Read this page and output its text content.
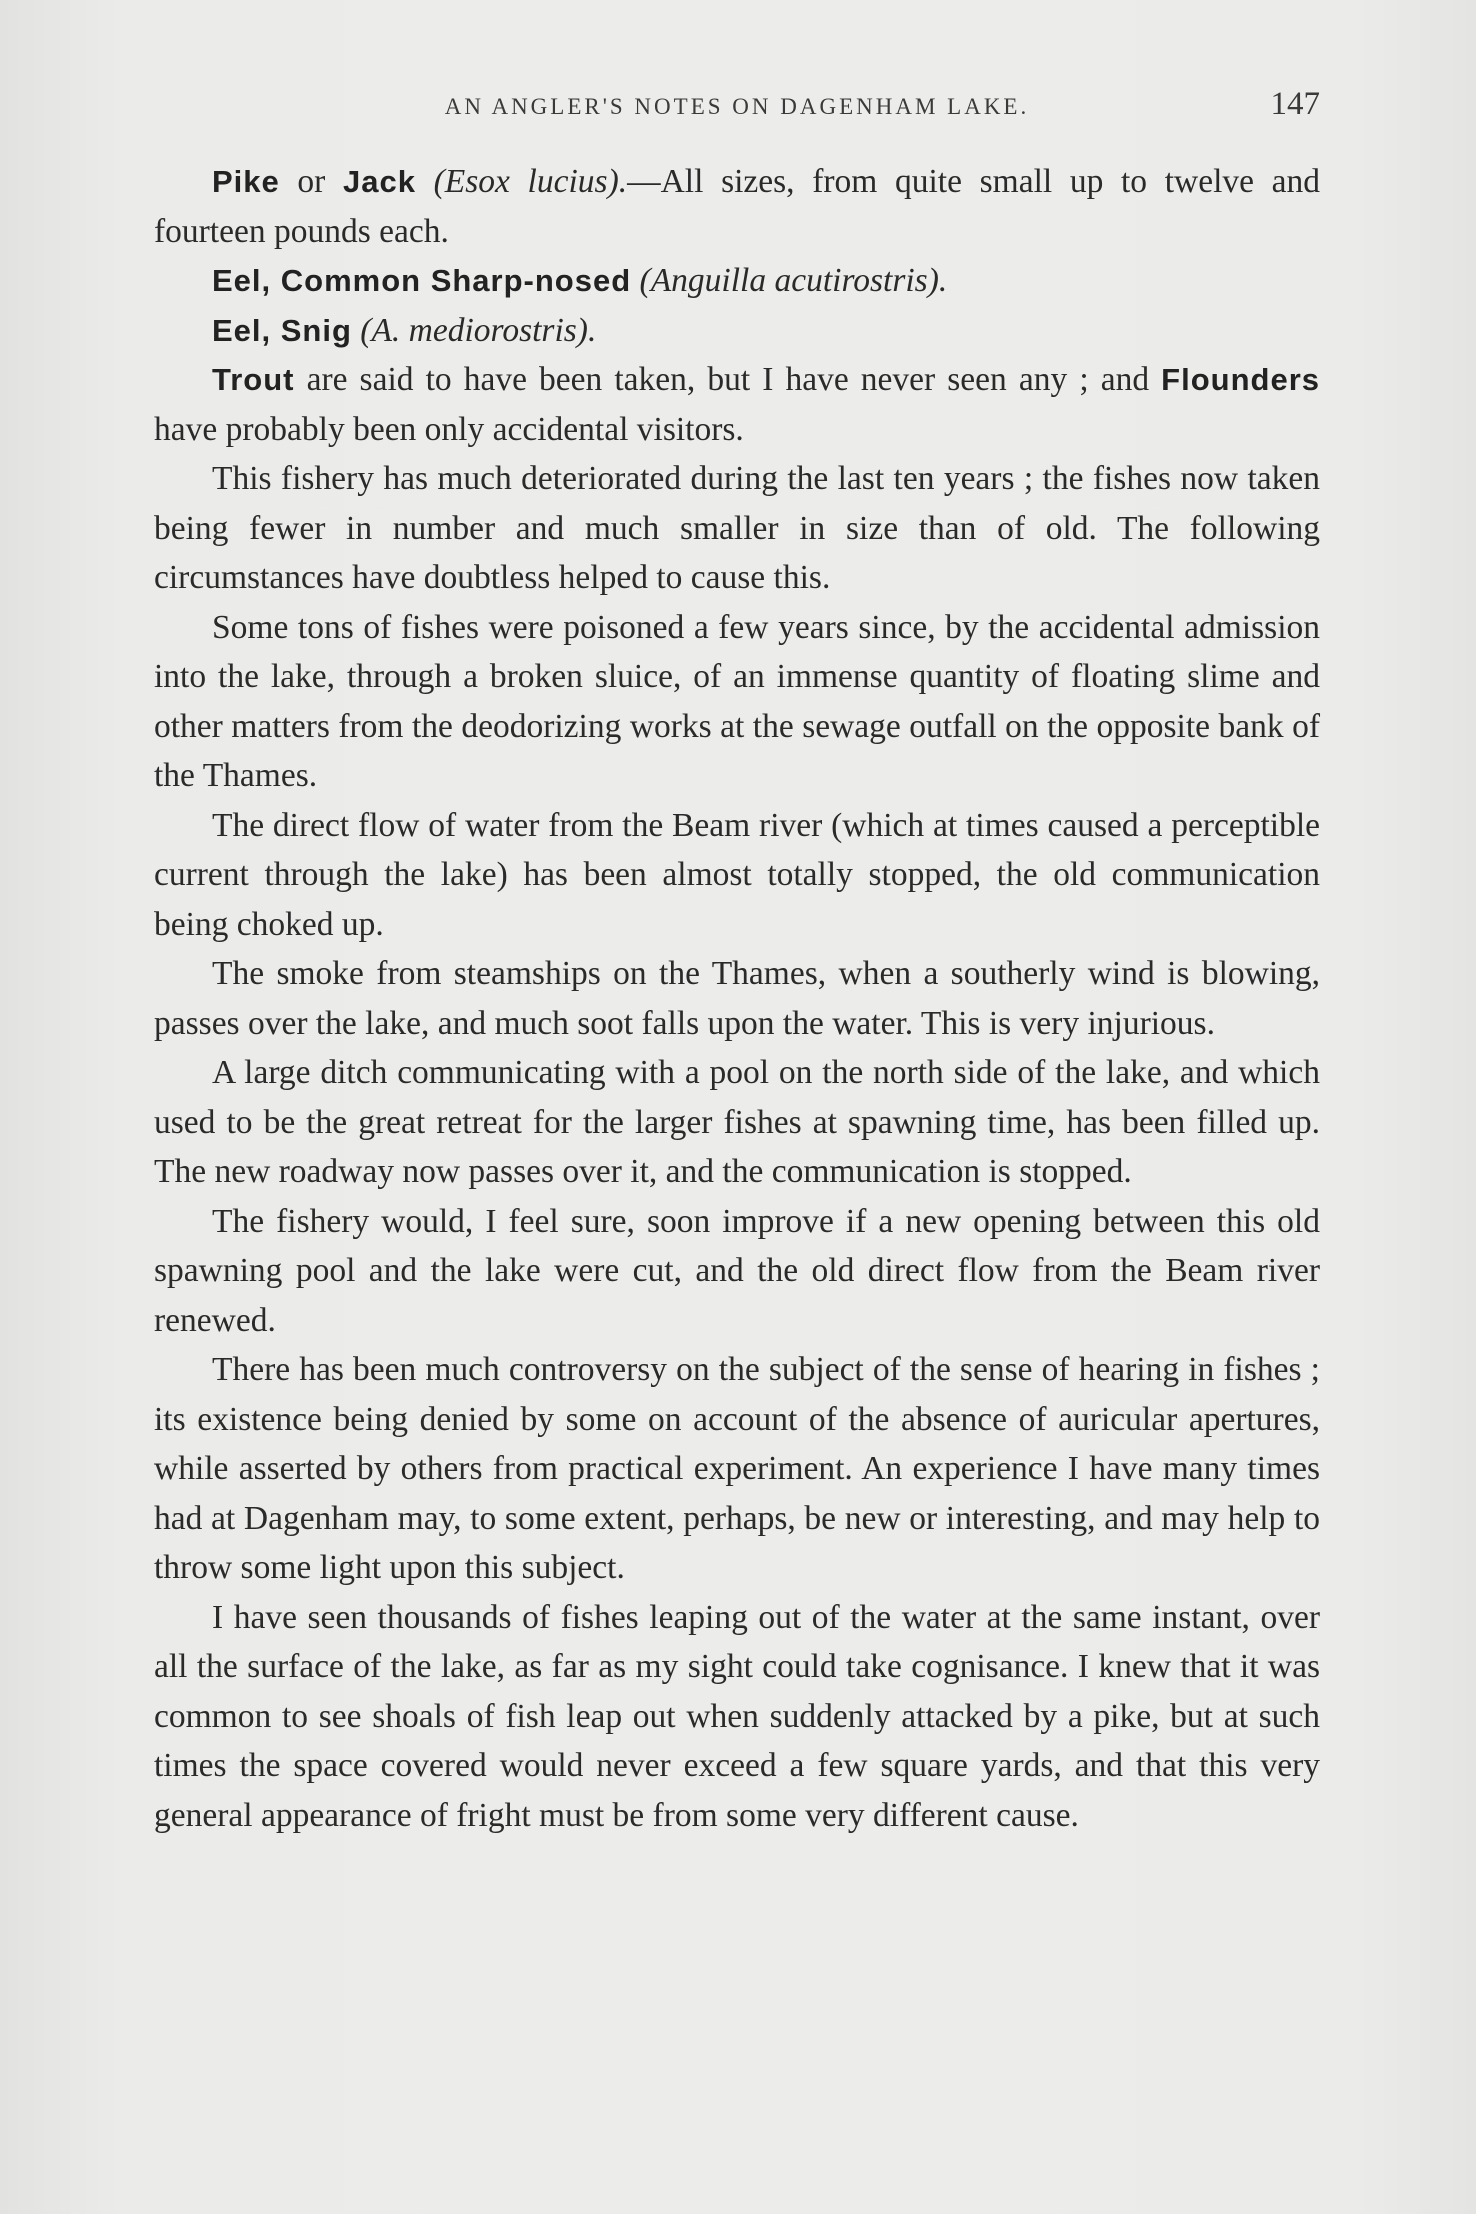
AN ANGLER'S NOTES ON DAGENHAM LAKE.	147

Pike or Jack (Esox lucius).—All sizes, from quite small up to twelve and fourteen pounds each.

Eel, Common Sharp-nosed (Anguilla acutirostris).

Eel, Snig (A. mediorostris).

Trout are said to have been taken, but I have never seen any ; and Flounders have probably been only accidental visitors.

This fishery has much deteriorated during the last ten years ; the fishes now taken being fewer in number and much smaller in size than of old. The following circumstances have doubtless helped to cause this.

Some tons of fishes were poisoned a few years since, by the accidental admission into the lake, through a broken sluice, of an immense quantity of floating slime and other matters from the deodorizing works at the sewage outfall on the opposite bank of the Thames.

The direct flow of water from the Beam river (which at times caused a perceptible current through the lake) has been almost totally stopped, the old communication being choked up.

The smoke from steamships on the Thames, when a southerly wind is blowing, passes over the lake, and much soot falls upon the water. This is very injurious.

A large ditch communicating with a pool on the north side of the lake, and which used to be the great retreat for the larger fishes at spawning time, has been filled up. The new roadway now passes over it, and the communication is stopped.

The fishery would, I feel sure, soon improve if a new opening between this old spawning pool and the lake were cut, and the old direct flow from the Beam river renewed.

There has been much controversy on the subject of the sense of hearing in fishes ; its existence being denied by some on account of the absence of auricular apertures, while asserted by others from practical experiment. An experience I have many times had at Dagenham may, to some extent, perhaps, be new or interesting, and may help to throw some light upon this subject.

I have seen thousands of fishes leaping out of the water at the same instant, over all the surface of the lake, as far as my sight could take cognisance. I knew that it was common to see shoals of fish leap out when suddenly attacked by a pike, but at such times the space covered would never exceed a few square yards, and that this very general appearance of fright must be from some very different cause.
